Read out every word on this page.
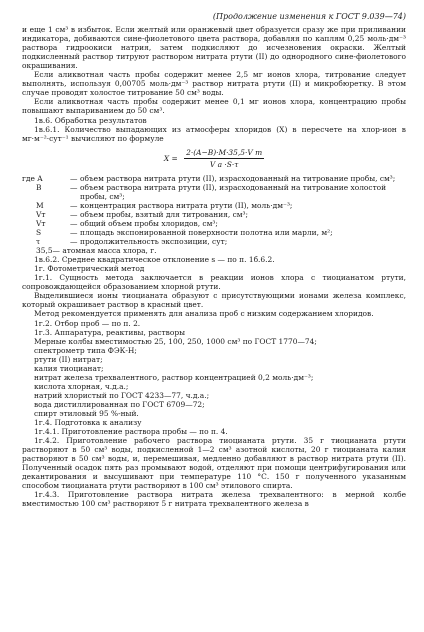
(Продолжение изменения к ГОСТ 9.039—74)

и еще 1 см³ в избыток. Если желтый или оранжевый цвет образуется сразу же при приливании индикатора, добиваются сине-фиолетового цвета раствора, добавляя по каплям 0,25 моль·дм⁻³ раствора гидроокиси натрия, затем подкисляют до исчезновения окраски. Желтый подкисленный раствор титруют раствором нитрата ртути (II) до однородного сине-фиолетового окрашивания.

Если аликвотная часть пробы содержит менее 2,5 мг ионов хлора, титрование следует выполнять, используя 0,00705 моль·дм⁻³ раствор нитрата ртути (II) и микробюретку. В этом случае проводят холостое титрование 50 см³ воды.

Если аликвотная часть пробы содержит менее 0,1 мг ионов хлора, концентрацию пробы повышают выпариванием до 50 см³.

1в.6. Обработка результатов

1в.6.1. Количество выпадающих из атмосферы хлоридов (X) в пересчете на хлор-ион в мг·м⁻²·сут⁻¹ вычисляют по формуле

$X = \frac{\text{2·(A−B)·M·35,5·V т}}{\text{V a ·S·τ}}$
где A	—	объем раствора нитрата ртути (II), израсходованный на титрование пробы, см³;
B	—	объем раствора нитрата ртути (II), израсходованный на титрование холостой пробы, см³;
M	—	концентрация раствора нитрата ртути (II), моль·дм⁻³;
Vт	—	объем пробы, взятый для титрования, см³;
Vт	—	общий объем пробы хлоридов, см³;
S	—	площадь экспонированной поверхности полотна или марли, м²;
τ	—	продолжительность экспозиции, сут;

35,5— атомная масса хлора, г.

1в.6.2. Среднее квадратическое отклонение s — по п. 1б.6.2.

1г. Фотометрический метод

1г.1. Сущность метода заключается в реакции ионов хлора с тиоцианатом ртути, сопровождающейся образованием хлорной ртути.

Выделившиеся ионы тиоцианата образуют с присутствующими ионами железа комплекс, который окрашивает раствор в красный цвет.

Метод рекомендуется применять для анализа проб с низким содержанием хлоридов.

1г.2. Отбор проб — по п. 2.

1г.3. Аппаратура, реактивы, растворы

Мерные колбы вместимостью 25, 100, 250, 1000 см³ по ГОСТ 1770—74;

спектрометр типа ФЭК-Н;

ртути (II) нитрат;

калия тиоцианат;

нитрат железа трехвалентного, раствор концентрацией 0,2 моль·дм⁻³;

кислота хлорная, ч.д.а.;

натрий хлористый по ГОСТ 4233—77, ч.д.а.;

вода дистиллированная по ГОСТ 6709—72;

спирт этиловый 95 %-ный.

1г.4. Подготовка к анализу

1г.4.1. Приготовление раствора пробы — по п. 4.

1г.4.2. Приготовление рабочего раствора тиоцианата ртути. 35 г тиоцианата ртути растворяют в 50 см³ воды, подкисленной 1—2 см³ азотной кислоты, 20 г тиоцианата калия растворяют в 50 см³ воды, и, перемешивая, медленно добавляют в раствор нитрата ртути (II). Полученный осадок пять раз промывают водой, отделяют при помощи центрифугирования или декантирования и высушивают при температуре 110 °С. 150 г полученного указанным способом тиоцианата ртути растворяют в 100 см³ этилового спирта.

1г.4.3. Приготовление раствора нитрата железа трехвалентного: в мерной колбе вместимостью 100 см³ растворяют 5 г нитрата трехвалентного железа в
